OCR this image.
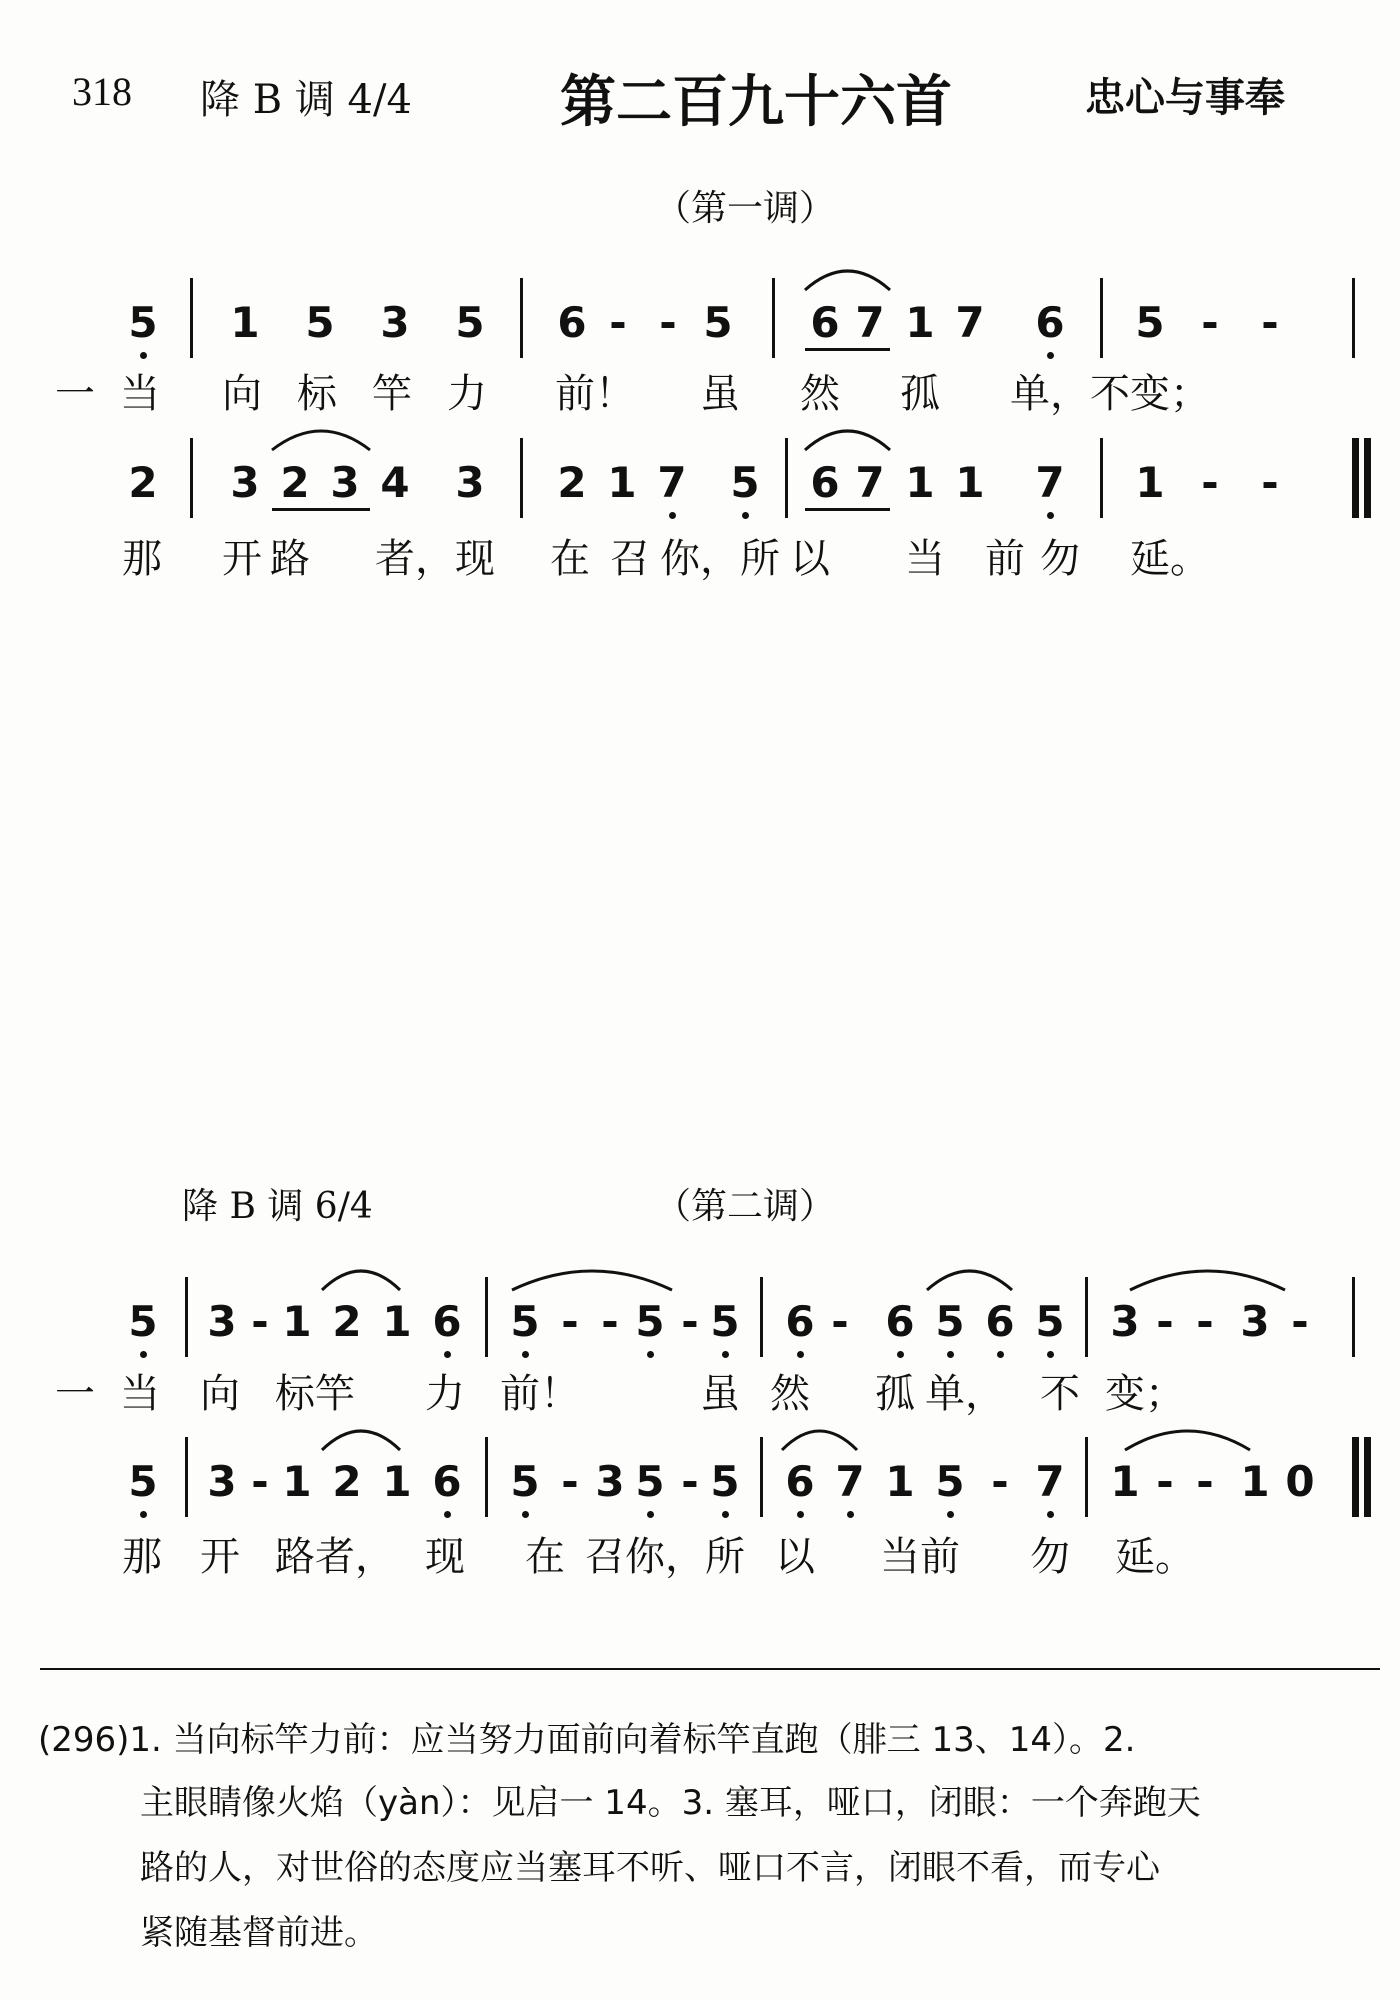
318 降 B 调 4/4	第二百九十六首	忠心与事奉
（第一调）
5 1 5 3 5 6 - - 5 6 7 1 7 6 5 - -
一 当 向 标 竿 力 前！ 虽 然 孤 单，不 变；
2 3 2 3 4 3 2 1 7 5 6 7 1 1 7 1 - -
那 开 路 者，现 在 召 你，所 以 当 前 勿 延。
降 B 调 6/4	（第二调）
5 3 - 1 2 1 6 5 - - 5 - 5 6 - 6 5 6 5 3 - - 3 -
一 当 向 标竿 力 前！	虽 然 孤 单， 不 变；
5 3 - 1 2 1 6 5 - 3 5 - 5 6 7 1 5 - 7 1 - - 1 0
那 开 路者， 现 在 召你，所 以 当前 勿 延。
(296)1. 当向标竿力前：应当努力面前向着标竿直跑（腓三 13、14）。2.
主眼睛像火焰（yàn）：见启一 14。3. 塞耳，哑口，闭眼：一个奔跑天
路的人，对世俗的态度应当塞耳不听、哑口不言，闭眼不看，而专心
紧随基督前进。
